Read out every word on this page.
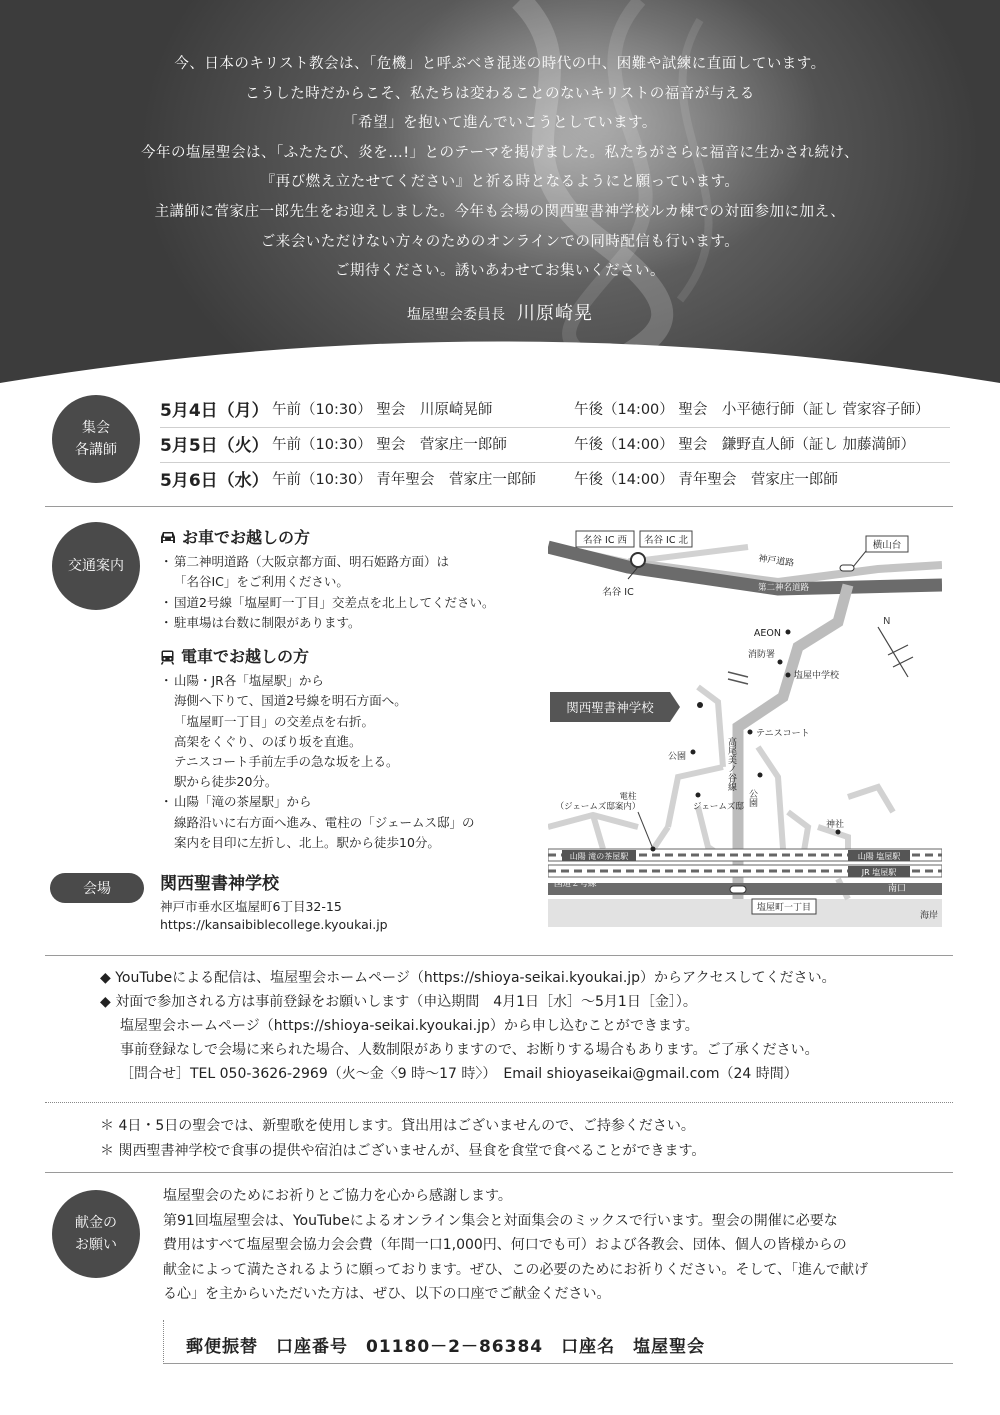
今、日本のキリスト教会は、「危機」と呼ぶべき混迷の時代の中、困難や試練に直面しています。

こうした時だからこそ、私たちは変わることのないキリストの福音が与える

「希望」を抱いて進んでいこうとしています。

今年の塩屋聖会は、「ふたたび、炎を…!」とのテーマを掲げました。私たちがさらに福音に生かされ続け、

『再び燃え立たせてください』と祈る時となるようにと願っています。

主講師に菅家庄一郎先生をお迎えしました。今年も会場の関西聖書神学校ルカ棟での対面参加に加え、

ご来会いただけない方々のためのオンラインでの同時配信も行います。

ご期待ください。誘いあわせてお集いください。

塩屋聖会委員長 川原崎晃
集会
各講師
5月4日（月） 午前（10:30） 聖会　川原崎晃師	午後（14:00） 聖会　小平徳行師（証し 菅家容子師）
5月5日（火） 午前（10:30） 聖会　菅家庄一郎師	午後（14:00） 聖会　鎌野直人師（証し 加藤満師）
5月6日（水） 午前（10:30） 青年聖会　菅家庄一郎師	午後（14:00） 青年聖会　菅家庄一郎師
交通案内
お車でお越しの方
・ 第二神明道路（大阪京都方面、明石姫路方面）は
「名谷IC」をご利用ください。
・ 国道2号線「塩屋町一丁目」交差点を北上してください。
・ 駐車場は台数に制限があります。
電車でお越しの方
・ 山陽・JR各「塩屋駅」から
海側へ下りて、国道2号線を明石方面へ。
「塩屋町一丁目」の交差点を右折。
高架をくぐり、のぼり坂を直進。
テニスコート手前左手の急な坂を上る。
駅から徒歩20分。
・ 山陽「滝の茶屋駅」から
線路沿いに右方面へ進み、電柱の「ジェームス邸」の
案内を目印に左折し、北上。駅から徒歩10分。
会場	関西聖書神学校
神戸市垂水区塩屋町6丁目32-15
https://kansaibiblecollege.kyoukai.jp
名谷 IC 西 名谷 IC 北	横山台
名谷 IC
神戸道路
第二神名道路
N
AEON
消防署
塩屋中学校
関西聖書神学校
テニスコート
公園
公園
高尾美ノ谷線
ジェームズ邸
電柱
（ジェームズ邸案内）
神社
山陽 滝の茶屋駅	山陽 塩屋駅
JR 塩屋駅
国道２号線	南口
塩屋町一丁目
海岸
◆ YouTubeによる配信は、塩屋聖会ホームページ（https://shioya-seikai.kyoukai.jp）からアクセスしてください。
◆ 対面で参加される方は事前登録をお願いします（申込期間　4月1日［水］～5月1日［金］）。
塩屋聖会ホームページ（https://shioya-seikai.kyoukai.jp）から申し込むことができます。
事前登録なしで会場に来られた場合、人数制限がありますので、お断りする場合もあります。ご了承ください。
［問合せ］TEL 050-3626-2969（火～金〈9 時～17 時〉）　Email shioyaseikai@gmail.com（24 時間）
＊ 4日・5日の聖会では、新聖歌を使用します。貸出用はございませんので、ご持参ください。
＊ 関西聖書神学校で食事の提供や宿泊はございませんが、昼食を食堂で食べることができます。
献金の
お願い
塩屋聖会のためにお祈りとご協力を心から感謝します。
第91回塩屋聖会は、YouTubeによるオンライン集会と対面集会のミックスで行います。聖会の開催に必要な
費用はすべて塩屋聖会協力会会費（年間一口1,000円、何口でも可）および各教会、団体、個人の皆様からの
献金によって満たされるように願っております。ぜひ、この必要のためにお祈りください。そして、「進んで献げ
る心」を主からいただいた方は、ぜひ、以下の口座でご献金ください。
郵便振替　口座番号　01180－2－86384　口座名　塩屋聖会
